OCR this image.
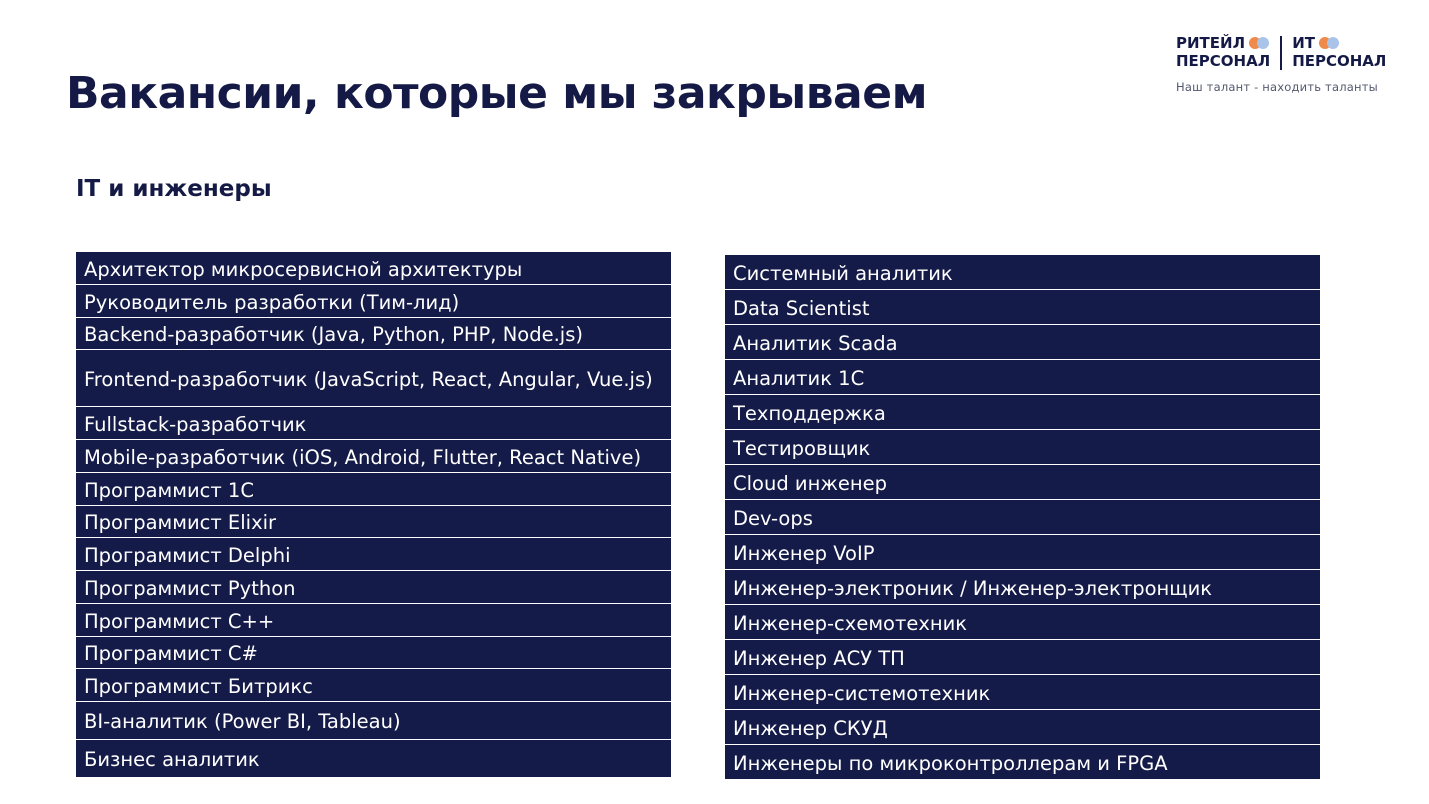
Вакансии, которые мы закрываем
РИТЕЙЛ
ПЕРСОНАЛ
ИТ
ПЕРСОНАЛ
Наш талант - находить таланты
IT и инженеры
Архитектор микросервисной архитектуры
Руководитель разработки (Тим-лид)
Backend-разработчик (Java, Python, PHP, Node.js)
Frontend-разработчик (JavaScript, React, Angular, Vue.js)
Fullstack-разработчик
Mobile-разработчик (iOS, Android, Flutter, React Native)
Программист 1С
Программист Elixir
Программист Delphi
Программист Python
Программист C++
Программист C#
Программист Битрикс
BI-аналитик (Power BI, Tableau)
Бизнес аналитик
Системный аналитик
Data Scientist
Аналитик Scada
Аналитик 1С
Техподдержка
Тестировщик
Cloud инженер
Dev-ops
Инженер VoIP
Инженер-электроник / Инженер-электронщик
Инженер-схемотехник
Инженер АСУ ТП
Инженер-системотехник
Инженер СКУД
Инженеры по микроконтроллерам и FPGA
